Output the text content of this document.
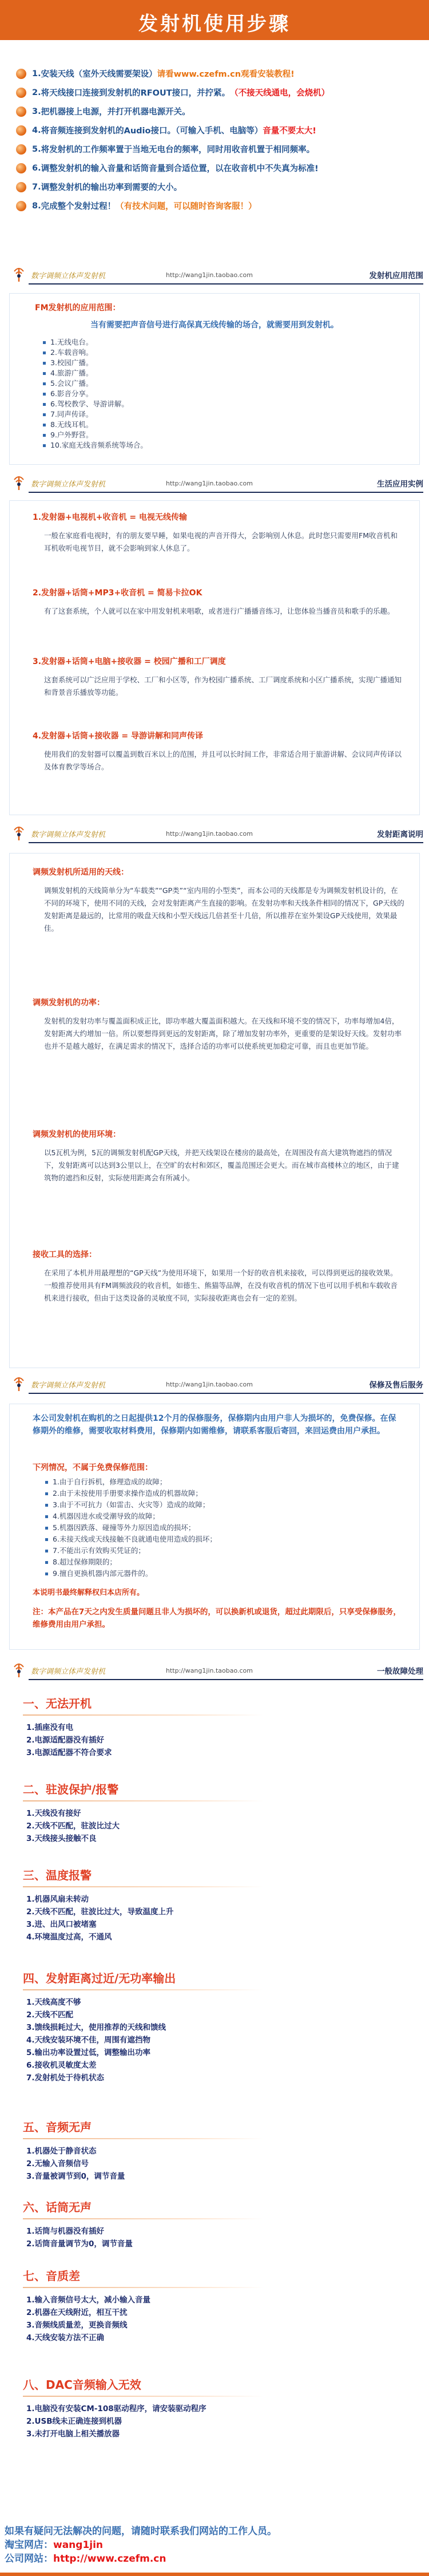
发射机使用步骤
1. 安装天线（室外天线需要架设） 请看www.czefm.cn观看安装教程!
2. 将天线接口连接到发射机的RFOUT接口，并拧紧。 （不接天线通电，会烧机）
3. 把机器接上电源，并打开机器电源开关。
4. 将音频连接到发射机的Audio接口。（可输入手机、电脑等） 音量不要太大!
5. 将发射机的工作频率置于当地无电台的频率，同时用收音机置于相同频率。
6. 调整发射机的输入音量和话筒音量到合适位置，以在收音机中不失真为标准!
7. 调整发射机的输出功率到需要的大小。
8. 完成整个发射过程！ （有技术问题，可以随时咨询客服！）
数字调频立体声发射机	http://wang1jin.taobao.com	发射机应用范围
FM发射机的应用范围：
当有需要把声音信号进行高保真无线传输的场合，就需要用到发射机。
1.无线电台。
2.车载音响。
3.校园广播。
4.旅游广播。
5.会议广播。
6.影音分享。
6.驾校教学、导游讲解。
7.同声传译。
8.无线耳机。
9.户外野营。
10.家庭无线音频系统等场合。
数字调频立体声发射机	http://wang1jin.taobao.com	生活应用实例
1.发射器+电视机+收音机 = 电视无线传输
一般在家庭看电视时，有的朋友要早睡，如果电视的声音开得大，会影响别人休息。此时您只需要用FM收音机和耳机收听电视节目，就不会影响到家人休息了。
2.发射器+话筒+MP3+收音机 = 简易卡拉OK
有了这套系统，个人就可以在家中用发射机来唱歌，或者进行广播播音练习，让您体验当播音员和歌手的乐趣。
3.发射器+话筒+电脑+接收器 = 校园广播和工厂调度
这套系统可以广泛应用于学校、工厂和小区等，作为校园广播系统、工厂调度系统和小区广播系统，实现广播通知和背景音乐播放等功能。
4.发射器+话筒+接收器 = 导游讲解和同声传译
使用我们的发射器可以覆盖到数百米以上的范围，并且可以长时间工作，非常适合用于旅游讲解、会议同声传译以及体育教学等场合。
数字调频立体声发射机	http://wang1jin.taobao.com	发射距离说明
调频发射机所适用的天线：
调频发射机的天线简单分为“车载类”“GP类”“室内用的小型类”，而本公司的天线都是专为调频发射机设计的，在不同的环境下，使用不同的天线，会对发射距离产生直接的影响。在发射功率和天线条件相同的情况下，GP天线的发射距离是最远的，比常用的吸盘天线和小型天线远几倍甚至十几倍，所以推荐在室外架设GP天线使用，效果最佳。
调频发射机的功率：
发射机的发射功率与覆盖面积成正比，即功率越大覆盖面积越大。在天线和环境不变的情况下，功率每增加4倍，发射距离大约增加一倍。所以要想得到更远的发射距离，除了增加发射功率外，更重要的是架设好天线。发射功率也并不是越大越好，在满足需求的情况下，选择合适的功率可以使系统更加稳定可靠，而且也更加节能。
调频发射机的使用环境：
以5瓦机为例，5瓦的调频发射机配GP天线，并把天线架设在楼房的最高处，在周围没有高大建筑物遮挡的情况下，发射距离可以达到3公里以上，在空旷的农村和郊区，覆盖范围还会更大。而在城市高楼林立的地区，由于建筑物的遮挡和反射，实际使用距离会有所减小。
接收工具的选择：
在采用了本机并用最理想的“GP天线”为使用环境下，如果用一个好的收音机来接收，可以得到更远的接收效果。一般推荐使用具有FM调频波段的收音机，如德生、熊猫等品牌，在没有收音机的情况下也可以用手机和车载收音机来进行接收，但由于这类设备的灵敏度不同，实际接收距离也会有一定的差别。
数字调频立体声发射机	http://wang1jin.taobao.com	保修及售后服务
本公司发射机在购机的之日起提供12个月的保修服务，保修期内由用户非人为损坏的，免费保修。在保修期外的维修，需要收取材料费用，保修期内如需维修，请联系客服后寄回，来回运费由用户承担。
下列情况，不属于免费保修范围：
1.由于自行拆机，修理造成的故障；
2.由于未按使用手册要求操作造成的机器故障；
3.由于不可抗力（如雷击、火灾等）造成的故障；
4.机器因进水或受潮导致的故障；
5.机器因跌落、碰撞等外力原因造成的损坏；
6.未接天线或天线接触不良就通电使用造成的损坏；
7.不能出示有效购买凭证的；
8.超过保修期限的；
9.擅自更换机器内部元器件的。
本说明书最终解释权归本店所有。
注：本产品在7天之内发生质量问题且非人为损坏的，可以换新机或退货，超过此期限后，只享受保修服务，维修费用由用户承担。
数字调频立体声发射机	http://wang1jin.taobao.com	一般故障处理
一、无法开机
1.插座没有电
2.电源适配器没有插好
3.电源适配器不符合要求
二、驻波保护/报警
1.天线没有接好
2.天线不匹配，驻波比过大
3.天线接头接触不良
三、温度报警
1.机器风扇未转动
2.天线不匹配，驻波比过大，导致温度上升
3.进、出风口被堵塞
4.环境温度过高，不通风
四、发射距离过近/无功率输出
1.天线高度不够
2.天线不匹配
3.馈线损耗过大，使用推荐的天线和馈线
4.天线安装环境不佳，周围有遮挡物
5.输出功率设置过低，调整输出功率
6.接收机灵敏度太差
7.发射机处于待机状态
五、音频无声
1.机器处于静音状态
2.无输入音频信号
3.音量被调节到0，调节音量
六、话筒无声
1.话筒与机器没有插好
2.话筒音量调节为0，调节音量
七、音质差
1.输入音频信号太大，减小输入音量
2.机器在天线附近，相互干扰
3.音频线质量差，更换音频线
4.天线安装方法不正确
八、DAC音频输入无效
1.电脑没有安装CM-108驱动程序，请安装驱动程序
2.USB线未正确连接到机器
3.未打开电脑上相关播放器
如果有疑问无法解决的问题，请随时联系我们网站的工作人员。
淘宝网店：wang1jin
公司网站：http://www.czefm.cn
